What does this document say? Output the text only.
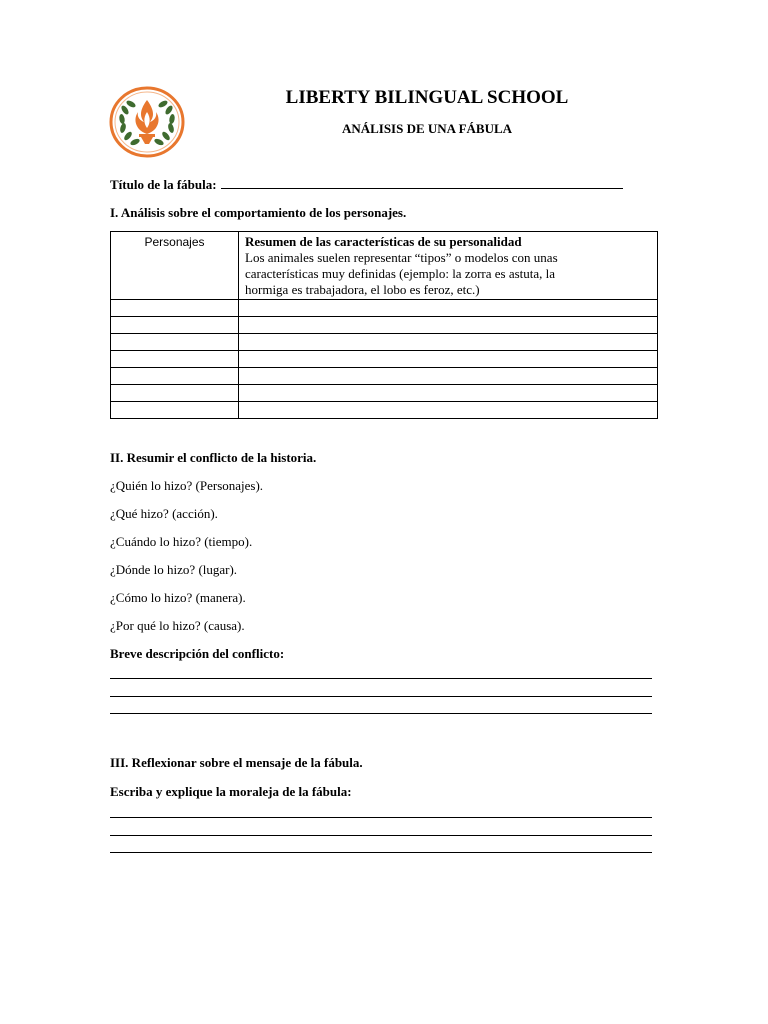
LIBERTY BILINGUAL SCHOOL
ANÁLISIS DE UNA FÁBULA
Título de la fábula:
I. Análisis sobre el comportamiento de los personajes.
Personajes	Resumen de las características de su personalidad
Los animales suelen representar “tipos” o modelos con unas
características muy definidas (ejemplo: la zorra es astuta, la
hormiga es trabajadora, el lobo es feroz, etc.)

II. Resumir el conflicto de la historia.
¿Quién lo hizo? (Personajes).
¿Qué hizo? (acción).
¿Cuándo lo hizo? (tiempo).
¿Dónde lo hizo? (lugar).
¿Cómo lo hizo? (manera).
¿Por qué lo hizo? (causa).
Breve descripción del conflicto:
III. Reflexionar sobre el mensaje de la fábula.
Escriba y explique la moraleja de la fábula:
